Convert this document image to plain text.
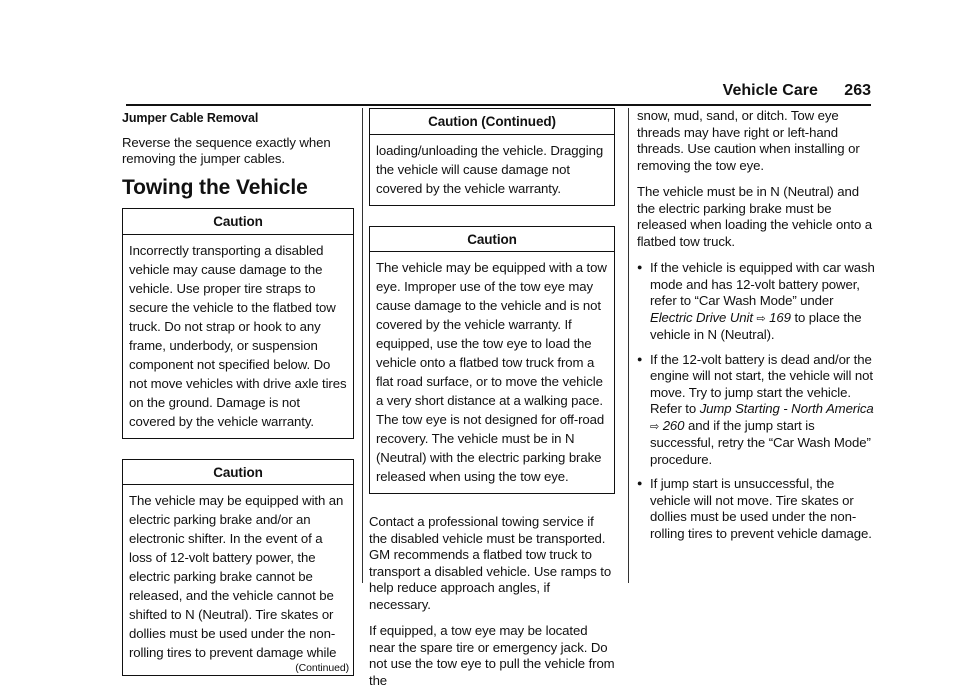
Vehicle Care 263
Jumper Cable Removal

Reverse the sequence exactly when removing the jumper cables.

Towing the Vehicle
Caution
Incorrectly transporting a disabled vehicle may cause damage to the vehicle. Use proper tire straps to secure the vehicle to the flatbed tow truck. Do not strap or hook to any frame, underbody, or suspension component not specified below. Do not move vehicles with drive axle tires on the ground. Damage is not covered by the vehicle warranty.
Caution
The vehicle may be equipped with an electric parking brake and/or an electronic shifter. In the event of a loss of 12-volt battery power, the electric parking brake cannot be released, and the vehicle cannot be shifted to N (Neutral). Tire skates or dollies must be used under the non-rolling tires to prevent damage while
(Continued)
Caution (Continued)
loading/unloading the vehicle. Dragging the vehicle will cause damage not covered by the vehicle warranty.
Caution
The vehicle may be equipped with a tow eye. Improper use of the tow eye may cause damage to the vehicle and is not covered by the vehicle warranty. If equipped, use the tow eye to load the vehicle onto a flatbed tow truck from a flat road surface, or to move the vehicle a very short distance at a walking pace. The tow eye is not designed for off-road recovery. The vehicle must be in N (Neutral) with the electric parking brake released when using the tow eye.

Contact a professional towing service if the disabled vehicle must be transported. GM recommends a flatbed tow truck to transport a disabled vehicle. Use ramps to help reduce approach angles, if necessary.

If equipped, a tow eye may be located near the spare tire or emergency jack. Do not use the tow eye to pull the vehicle from the

snow, mud, sand, or ditch. Tow eye threads may have right or left-hand threads. Use caution when installing or removing the tow eye.

The vehicle must be in N (Neutral) and the electric parking brake must be released when loading the vehicle onto a flatbed tow truck.

● If the vehicle is equipped with car wash mode and has 12-volt battery power, refer to “Car Wash Mode” under Electric Drive Unit ⇨ 169 to place the vehicle in N (Neutral).
● If the 12-volt battery is dead and/or the engine will not start, the vehicle will not move. Try to jump start the vehicle. Refer to Jump Starting - North America ⇨ 260 and if the jump start is successful, retry the “Car Wash Mode” procedure.
● If jump start is unsuccessful, the vehicle will not move. Tire skates or dollies must be used under the non-rolling tires to prevent vehicle damage.
